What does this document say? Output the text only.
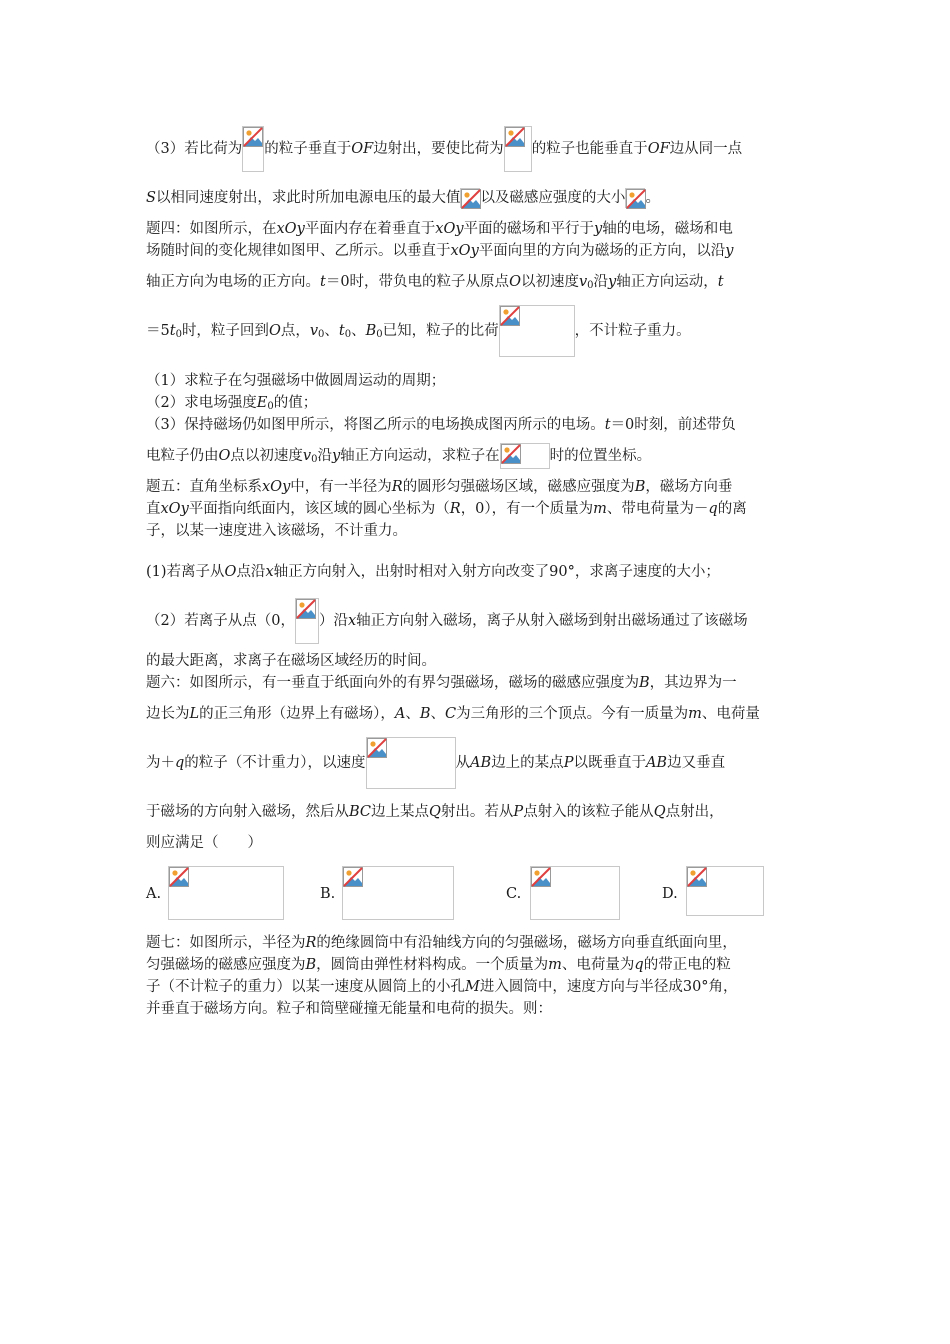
（3）若比荷为 的粒子垂直于OF边射出，要使比荷为 的粒子也能垂直于OF边从同一点
S以相同速度射出，求此时所加电源电压的最大值 以及磁感应强度的大小 。
题四：如图所示，在xOy平面内存在着垂直于xOy平面的磁场和平行于y轴的电场，磁场和电
场随时间的变化规律如图甲、乙所示。以垂直于xOy平面向里的方向为磁场的正方向，以沿y
轴正方向为电场的正方向。t＝0时，带负电的粒子从原点O以初速度$v_0$沿y轴正方向运动，t
$=5t_0$时，粒子回到O点，$v_0$、$t_0$、$B_0$已知，粒子的比荷	，不计粒子重力。
（1）求粒子在匀强磁场中做圆周运动的周期；
（2）求电场强度$E_0$的值；
（3）保持磁场仍如图甲所示，将图乙所示的电场换成图丙所示的电场。t＝0时刻，前述带负
电粒子仍由O点以初速度$v_0$沿y轴正方向运动，求粒子在	时的位置坐标。
题五：直角坐标系xOy中，有一半径为R的圆形匀强磁场区域，磁感应强度为B，磁场方向垂
直xOy平面指向纸面内，该区域的圆心坐标为（R，0），有一个质量为m、带电荷量为－q的离
子，以某一速度进入该磁场，不计重力。
(1)若离子从O点沿x轴正方向射入，出射时相对入射方向改变了90°，求离子速度的大小；
（2）若离子从点（0， ）沿x轴正方向射入磁场，离子从射入磁场到射出磁场通过了该磁场
的最大距离，求离子在磁场区域经历的时间。
题六：如图所示，有一垂直于纸面向外的有界匀强磁场，磁场的磁感应强度为B，其边界为一
边长为L的正三角形（边界上有磁场），A、B、C为三角形的三个顶点。今有一质量为m、电荷量
为＋q的粒子（不计重力），以速度	从AB边上的某点P以既垂直于AB边又垂直
于磁场的方向射入磁场，然后从BC边上某点Q射出。若从P点射入的该粒子能从Q点射出，
则应满足（　　）
A.	B.	C.	D.
题七：如图所示，半径为R的绝缘圆筒中有沿轴线方向的匀强磁场，磁场方向垂直纸面向里，
匀强磁场的磁感应强度为B，圆筒由弹性材料构成。一个质量为m、电荷量为q的带正电的粒
子（不计粒子的重力）以某一速度从圆筒上的小孔M进入圆筒中，速度方向与半径成30°角，
并垂直于磁场方向。粒子和筒壁碰撞无能量和电荷的损失。则：
